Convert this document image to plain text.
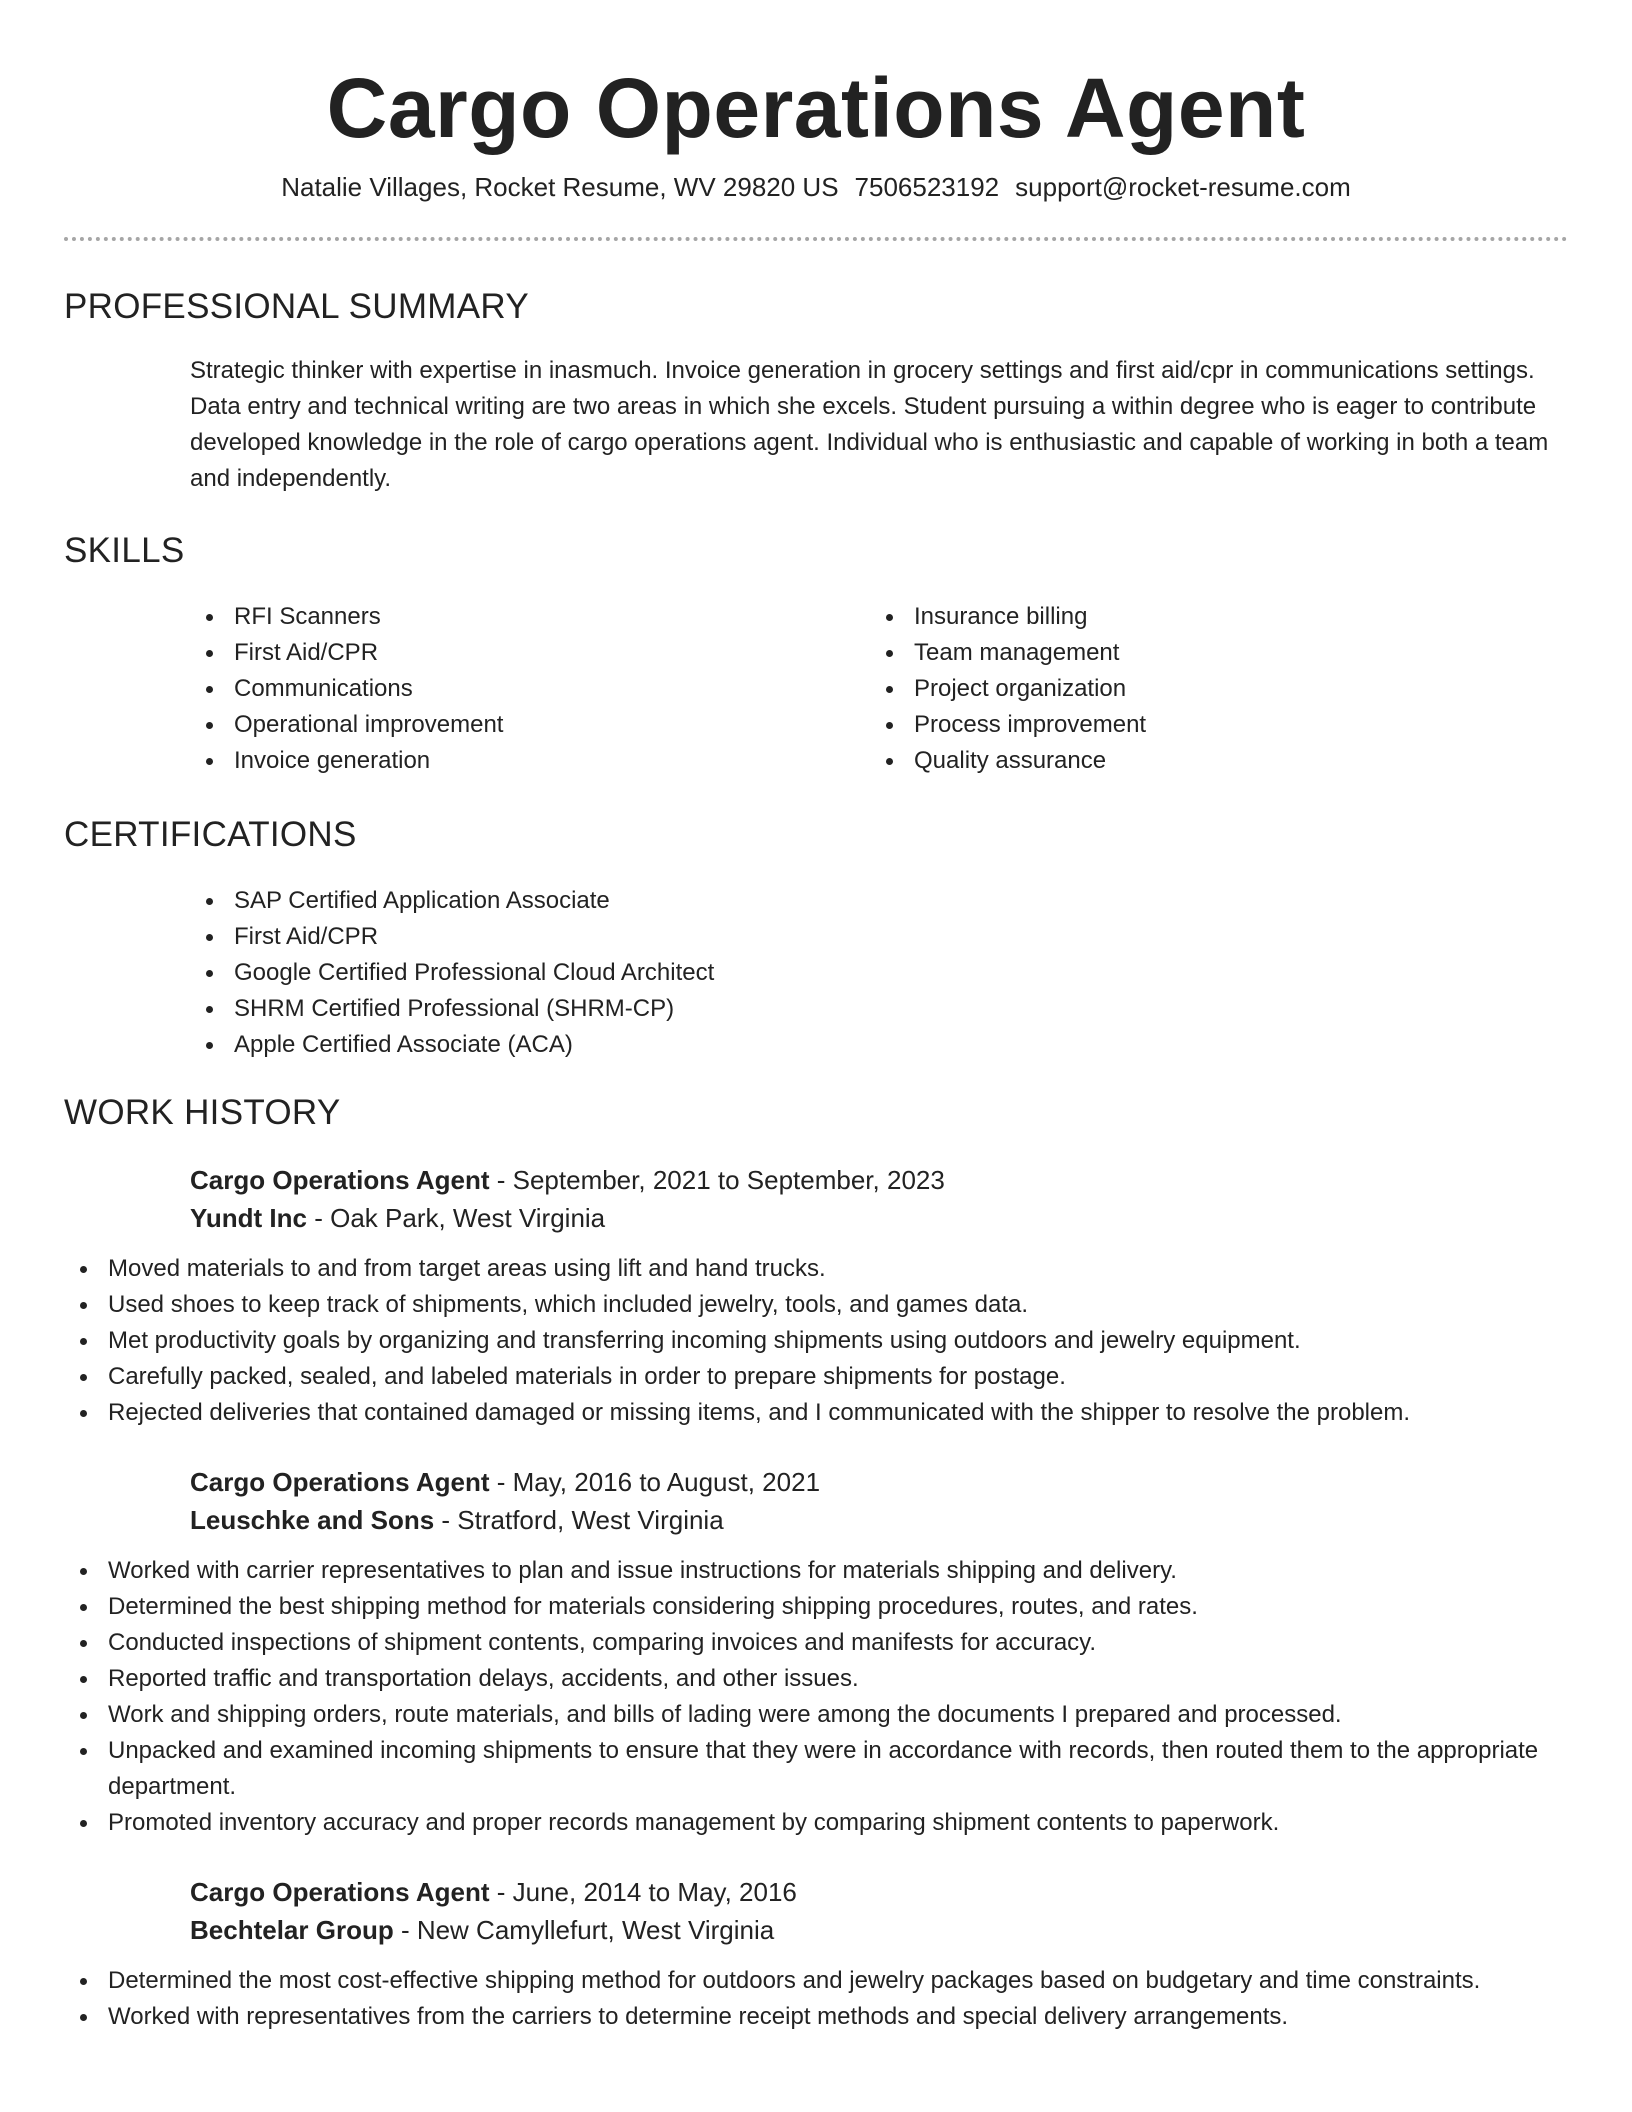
Cargo Operations Agent
Natalie Villages, Rocket Resume, WV 29820 US 7506523192 support@rocket-resume.com
PROFESSIONAL SUMMARY

Strategic thinker with expertise in inasmuch. Invoice generation in grocery settings and first aid/cpr in communications settings. Data entry and technical writing are two areas in which she excels. Student pursuing a within degree who is eager to contribute developed knowledge in the role of cargo operations agent. Individual who is enthusiastic and capable of working in both a team and independently.

SKILLS
RFI Scanners
First Aid/CPR
Communications
Operational improvement
Invoice generation
Insurance billing
Team management
Project organization
Process improvement
Quality assurance
CERTIFICATIONS
SAP Certified Application Associate
First Aid/CPR
Google Certified Professional Cloud Architect
SHRM Certified Professional (SHRM-CP)
Apple Certified Associate (ACA)
WORK HISTORY
Cargo Operations Agent - September, 2021 to September, 2023
Yundt Inc - Oak Park, West Virginia
Moved materials to and from target areas using lift and hand trucks.
Used shoes to keep track of shipments, which included jewelry, tools, and games data.
Met productivity goals by organizing and transferring incoming shipments using outdoors and jewelry equipment.
Carefully packed, sealed, and labeled materials in order to prepare shipments for postage.
Rejected deliveries that contained damaged or missing items, and I communicated with the shipper to resolve the problem.
Cargo Operations Agent - May, 2016 to August, 2021
Leuschke and Sons - Stratford, West Virginia
Worked with carrier representatives to plan and issue instructions for materials shipping and delivery.
Determined the best shipping method for materials considering shipping procedures, routes, and rates.
Conducted inspections of shipment contents, comparing invoices and manifests for accuracy.
Reported traffic and transportation delays, accidents, and other issues.
Work and shipping orders, route materials, and bills of lading were among the documents I prepared and processed.
Unpacked and examined incoming shipments to ensure that they were in accordance with records, then routed them to the appropriate department.
Promoted inventory accuracy and proper records management by comparing shipment contents to paperwork.
Cargo Operations Agent - June, 2014 to May, 2016
Bechtelar Group - New Camyllefurt, West Virginia
Determined the most cost-effective shipping method for outdoors and jewelry packages based on budgetary and time constraints.
Worked with representatives from the carriers to determine receipt methods and special delivery arrangements.
